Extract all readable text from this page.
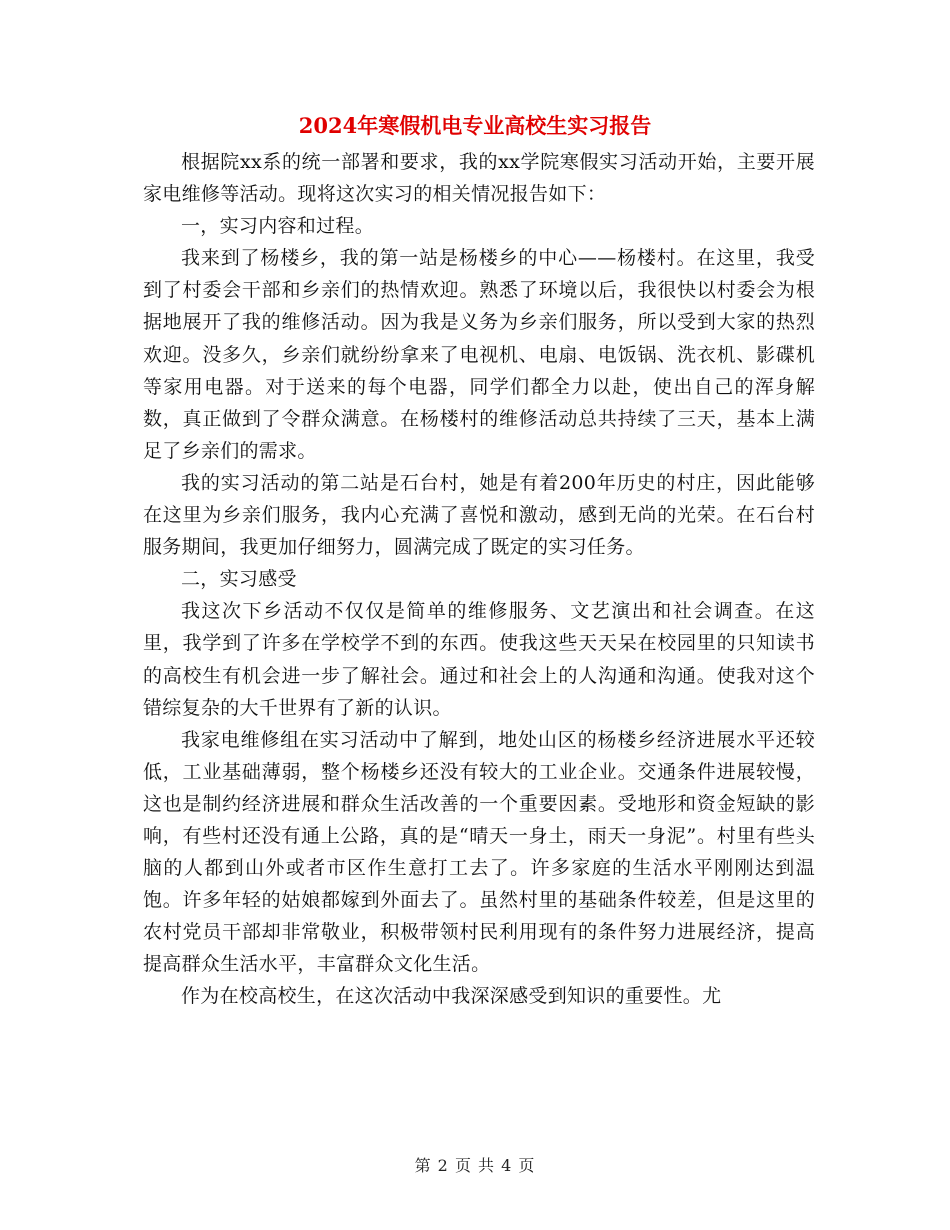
2024年寒假机电专业高校生实习报告

根据院xx系的统一部署和要求，我的xx学院寒假实习活动开始，主要开展家电维修等活动。现将这次实习的相关情况报告如下：

一，实习内容和过程。

我来到了杨楼乡，我的第一站是杨楼乡的中心——杨楼村。在这里，我受到了村委会干部和乡亲们的热情欢迎。熟悉了环境以后，我很快以村委会为根据地展开了我的维修活动。因为我是义务为乡亲们服务，所以受到大家的热烈欢迎。没多久，乡亲们就纷纷拿来了电视机、电扇、电饭锅、洗衣机、影碟机等家用电器。对于送来的每个电器，同学们都全力以赴，使出自己的浑身解数，真正做到了令群众满意。在杨楼村的维修活动总共持续了三天，基本上满足了乡亲们的需求。

我的实习活动的第二站是石台村，她是有着200年历史的村庄，因此能够在这里为乡亲们服务，我内心充满了喜悦和激动，感到无尚的光荣。在石台村服务期间，我更加仔细努力，圆满完成了既定的实习任务。

二，实习感受

我这次下乡活动不仅仅是简单的维修服务、文艺演出和社会调查。在这里，我学到了许多在学校学不到的东西。使我这些天天呆在校园里的只知读书的高校生有机会进一步了解社会。通过和社会上的人沟通和沟通。使我对这个错综复杂的大千世界有了新的认识。

我家电维修组在实习活动中了解到，地处山区的杨楼乡经济进展水平还较低，工业基础薄弱，整个杨楼乡还没有较大的工业企业。交通条件进展较慢，这也是制约经济进展和群众生活改善的一个重要因素。受地形和资金短缺的影响，有些村还没有通上公路，真的是“晴天一身土，雨天一身泥”。村里有些头脑的人都到山外或者市区作生意打工去了。许多家庭的生活水平刚刚达到温饱。许多年轻的姑娘都嫁到外面去了。虽然村里的基础条件较差，但是这里的农村党员干部却非常敬业，积极带领村民利用现有的条件努力进展经济，提高提高群众生活水平，丰富群众文化生活。

作为在校高校生，在这次活动中我深深感受到知识的重要性。尤

第 2 页 共 4 页
